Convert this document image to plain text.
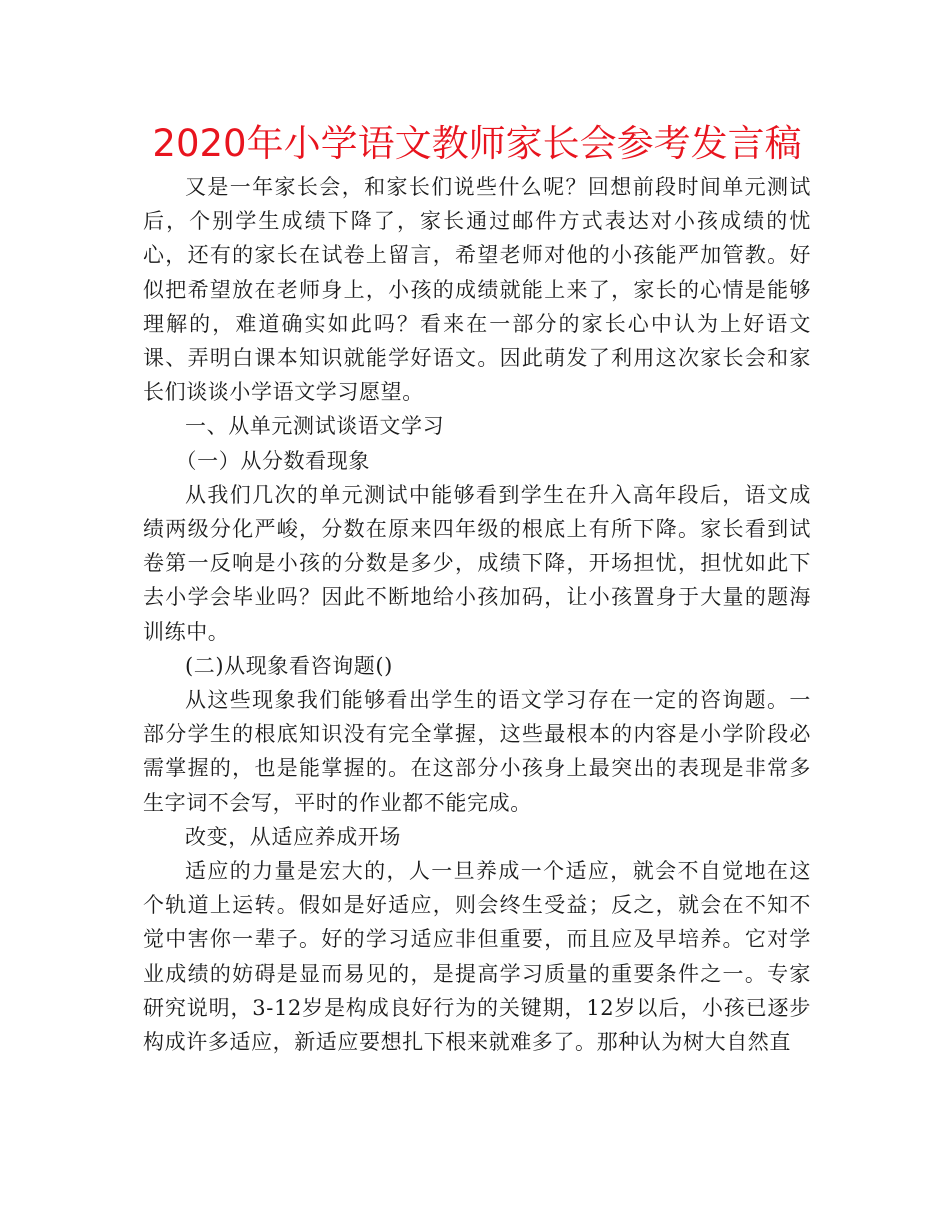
2020年小学语文教师家长会参考发言稿

又是一年家长会，和家长们说些什么呢？回想前段时间单元测试后，个别学生成绩下降了，家长通过邮件方式表达对小孩成绩的忧心，还有的家长在试卷上留言，希望老师对他的小孩能严加管教。好似把希望放在老师身上，小孩的成绩就能上来了，家长的心情是能够理解的，难道确实如此吗？看来在一部分的家长心中认为上好语文课、弄明白课本知识就能学好语文。因此萌发了利用这次家长会和家长们谈谈小学语文学习愿望。

一、从单元测试谈语文学习

（一）从分数看现象

从我们几次的单元测试中能够看到学生在升入高年段后，语文成绩两级分化严峻，分数在原来四年级的根底上有所下降。家长看到试卷第一反响是小孩的分数是多少，成绩下降，开场担忧，担忧如此下去小学会毕业吗？因此不断地给小孩加码，让小孩置身于大量的题海训练中。

(二)从现象看咨询题()

从这些现象我们能够看出学生的语文学习存在一定的咨询题。一部分学生的根底知识没有完全掌握，这些最根本的内容是小学阶段必需掌握的，也是能掌握的。在这部分小孩身上最突出的表现是非常多生字词不会写，平时的作业都不能完成。

改变，从适应养成开场

适应的力量是宏大的，人一旦养成一个适应，就会不自觉地在这个轨道上运转。假如是好适应，则会终生受益；反之，就会在不知不觉中害你一辈子。好的学习适应非但重要，而且应及早培养。它对学业成绩的妨碍是显而易见的，是提高学习质量的重要条件之一。专家研究说明，3-12岁是构成良好行为的关键期，12岁以后，小孩已逐步构成许多适应，新适应要想扎下根来就难多了。那种认为树大自然直
